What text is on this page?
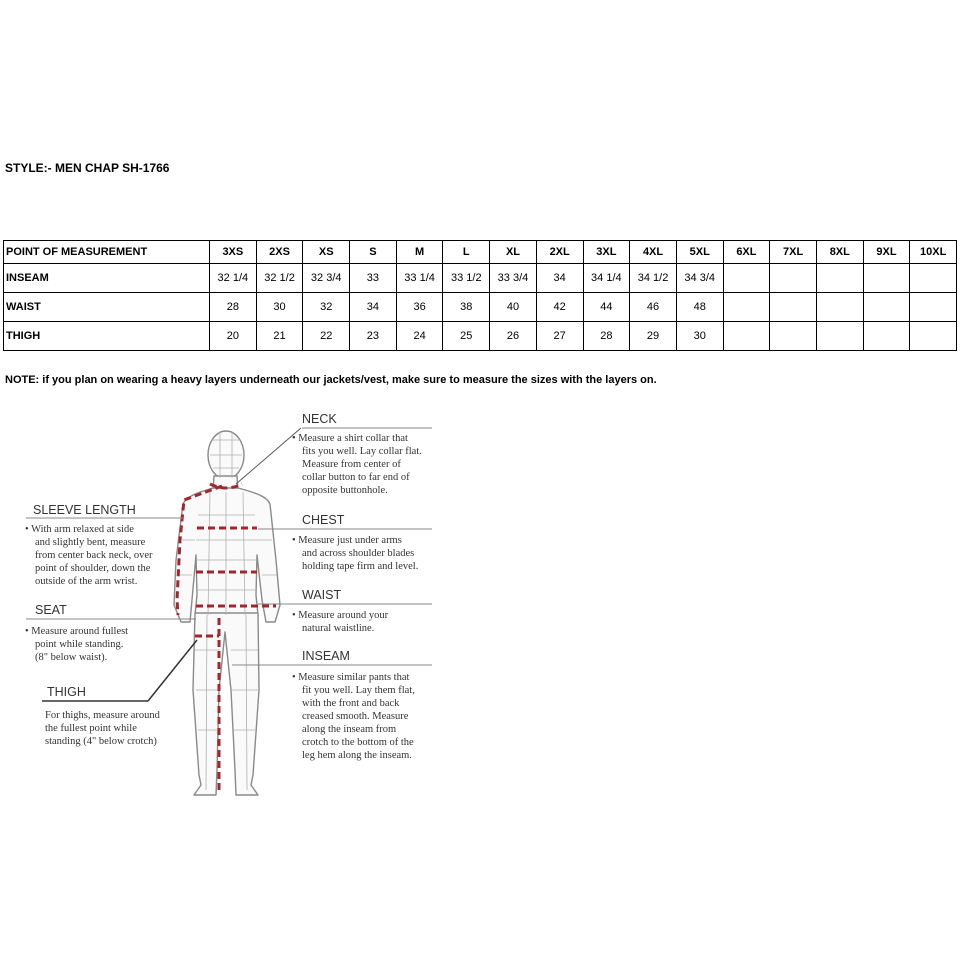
STYLE:- MEN CHAP SH-1766
POINT OF MEASUREMENT	3XS	2XS	XS	S	M	L	XL	2XL	3XL	4XL	5XL	6XL	7XL	8XL	9XL	10XL
INSEAM	32 1/4	32 1/2	32 3/4	33	33 1/4	33 1/2	33 3/4	34	34 1/4	34 1/2	34 3/4					
WAIST	28	30	32	34	36	38	40	42	44	46	48					
THIGH	20	21	22	23	24	25	26	27	28	29	30					
NOTE: if you plan on wearing a heavy layers underneath our jackets/vest, make sure to measure the sizes with the layers on.
NECK
• Measure a shirt collar that
fits you well. Lay collar flat.
Measure from center of
collar button to far end of
opposite buttonhole.
CHEST
• Measure just under arms
and across shoulder blades
holding tape firm and level.
WAIST
• Measure around your
natural waistline.
INSEAM
• Measure similar pants that
fit you well. Lay them flat,
with the front and back
creased smooth. Measure
along the inseam from
crotch to the bottom of the
leg hem along the inseam.
SLEEVE LENGTH
• With arm relaxed at side
and slightly bent, measure
from center back neck, over
point of shoulder, down the
outside of the arm wrist.
SEAT
• Measure around fullest
point while standing.
(8" below waist).
THIGH
For thighs, measure around
the fullest point while
standing (4" below crotch)
